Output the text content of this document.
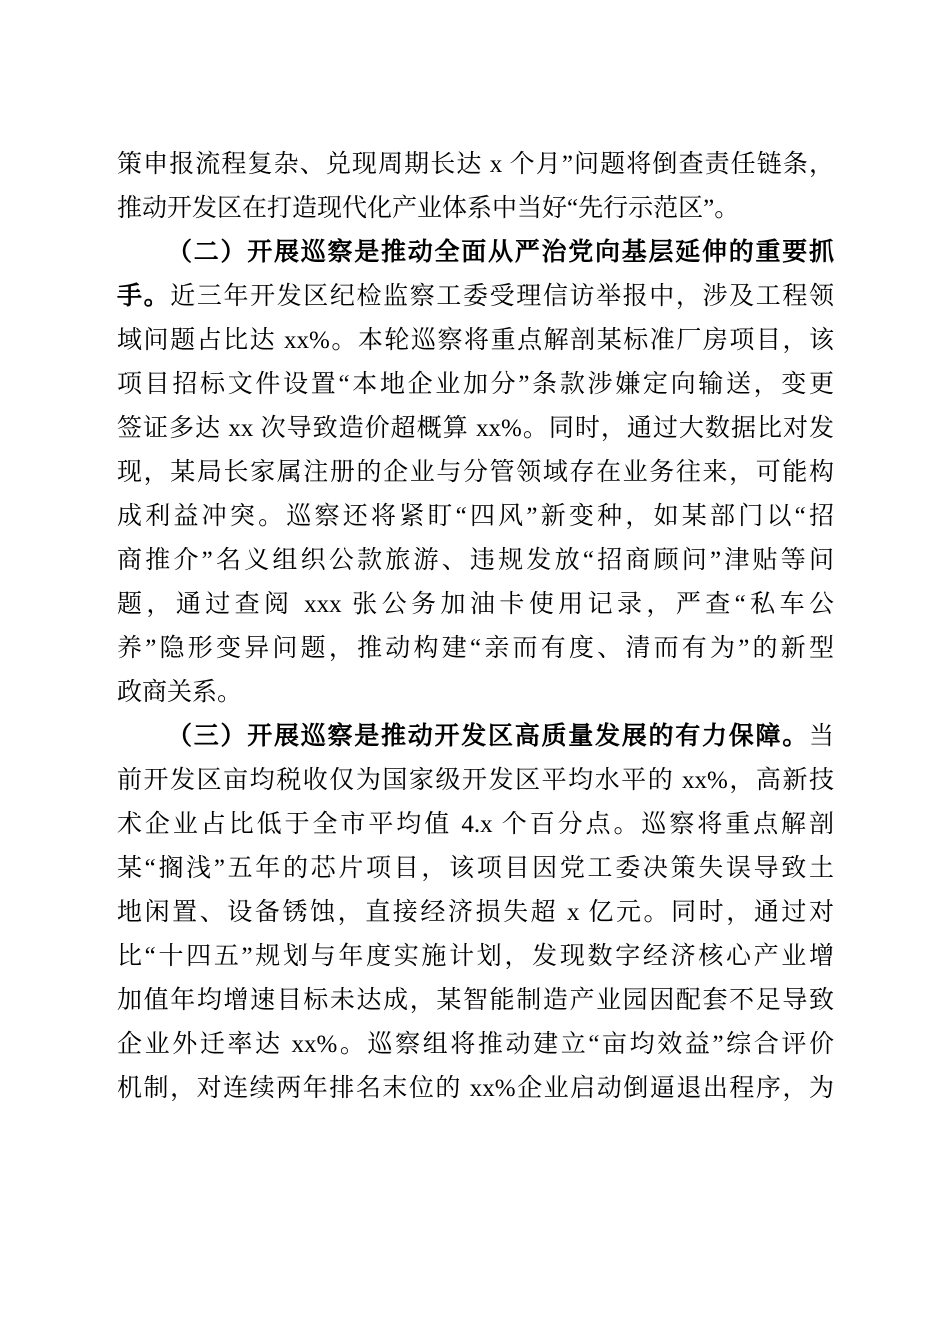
策申报流程复杂、兑现周期长达 x 个月”问题将倒查责任链条，
推动开发区在打造现代化产业体系中当好“先行示范区”。
（二）开展巡察是推动全面从严治党向基层延伸的重要抓
手。近三年开发区纪检监察工委受理信访举报中，涉及工程领
域问题占比达 xx%。本轮巡察将重点解剖某标准厂房项目，该
项目招标文件设置“本地企业加分”条款涉嫌定向输送，变更
签证多达 xx 次导致造价超概算 xx%。同时，通过大数据比对发
现，某局长家属注册的企业与分管领域存在业务往来，可能构
成利益冲突。巡察还将紧盯“四风”新变种，如某部门以“招
商推介”名义组织公款旅游、违规发放“招商顾问”津贴等问
题，通过查阅 xxx 张公务加油卡使用记录，严查“私车公
养”隐形变异问题，推动构建“亲而有度、清而有为”的新型
政商关系。
（三）开展巡察是推动开发区高质量发展的有力保障。当
前开发区亩均税收仅为国家级开发区平均水平的 xx%，高新技
术企业占比低于全市平均值 4.x 个百分点。巡察将重点解剖
某“搁浅”五年的芯片项目，该项目因党工委决策失误导致土
地闲置、设备锈蚀，直接经济损失超 x 亿元。同时，通过对
比“十四五”规划与年度实施计划，发现数字经济核心产业增
加值年均增速目标未达成，某智能制造产业园因配套不足导致
企业外迁率达 xx%。巡察组将推动建立“亩均效益”综合评价
机制，对连续两年排名末位的 xx%企业启动倒逼退出程序，为
